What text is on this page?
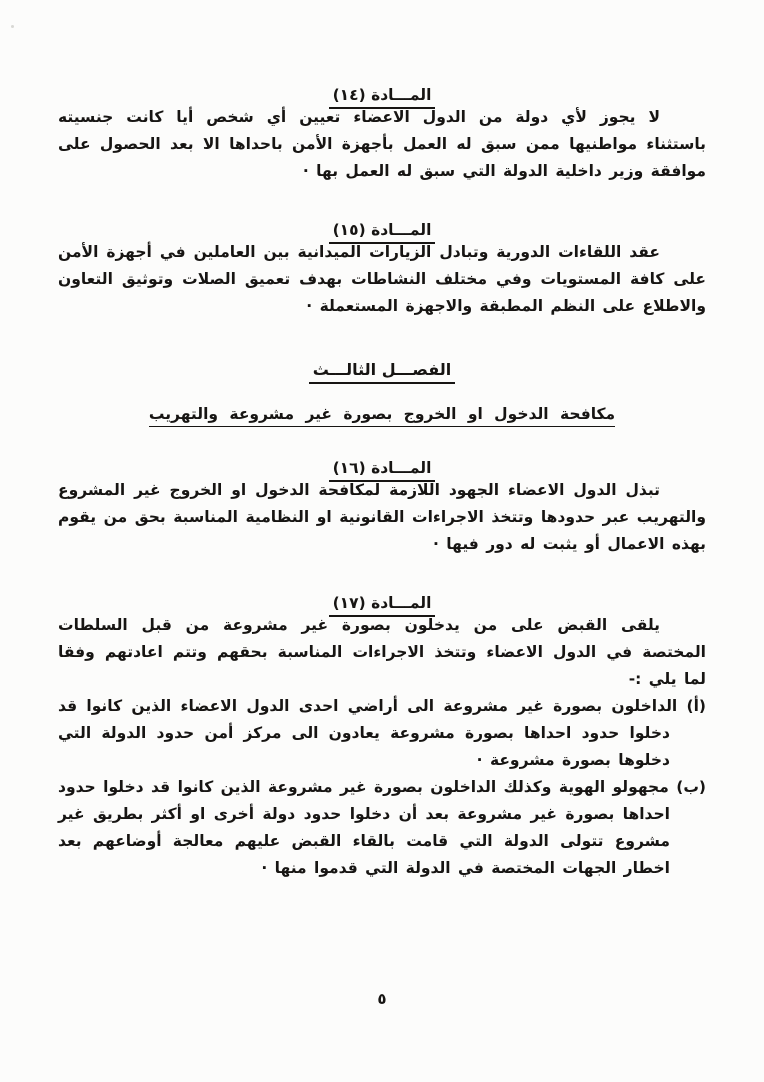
المـــادة (١٤)

لا يجوز لأي دولة من الدول الاعضاء تعيين أي شخص أيا كانت جنسيته باستثناء مواطنيها ممن سبق له العمل بأجهزة الأمن باحداها الا بعد الحصول على موافقة وزير داخلية الدولة التي سبق له العمل بها ·

المـــادة (١٥)

عقد اللقاءات الدورية وتبادل الزيارات الميدانية بين العاملين في أجهزة الأمن على كافة المستويات وفي مختلف النشاطات بهدف تعميق الصلات وتوثيق التعاون والاطلاع على النظم المطبقة والاجهزة المستعملة ·

الفصـــل الثالـــث
مكافحة الدخول او الخروج بصورة غير مشروعة والتهريب
المـــادة (١٦)

تبذل الدول الاعضاء الجهود اللازمة لمكافحة الدخول او الخروج غير المشروع والتهريب عبر حدودها وتتخذ الاجراءات القانونية او النظامية المناسبة بحق من يقوم بهذه الاعمال أو يثبت له دور فيها ·

المـــادة (١٧)

يلقى القبض على من يدخلون بصورة غير مشروعة من قبل السلطات المختصة في الدول الاعضاء وتتخذ الاجراءات المناسبة بحقهم وتتم اعادتهم وفقا لما يلي :-

(أ) الداخلون بصورة غير مشروعة الى أراضي احدى الدول الاعضاء الذين كانوا قد دخلوا حدود احداها بصورة مشروعة يعادون الى مركز أمن حدود الدولة التي دخلوها بصورة مشروعة ·

(ب) مجهولو الهوية وكذلك الداخلون بصورة غير مشروعة الذين كانوا قد دخلوا حدود احداها بصورة غير مشروعة بعد أن دخلوا حدود دولة أخرى او أكثر بطريق غير مشروع تتولى الدولة التي قامت بالقاء القبض عليهم معالجة أوضاعهم بعد اخطار الجهات المختصة في الدولة التي قدموا منها ·

٥
